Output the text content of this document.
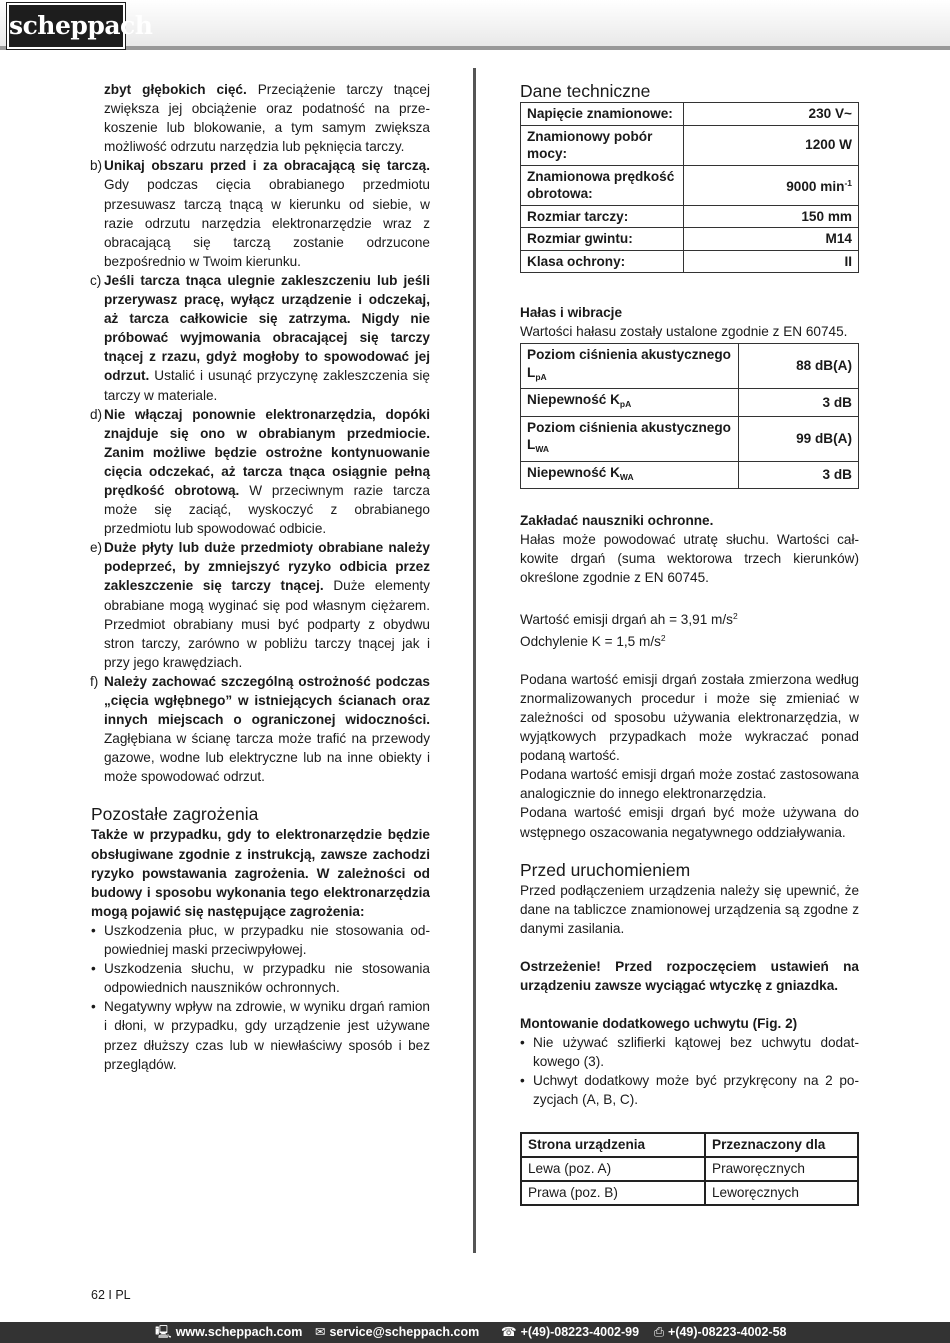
scheppach

zbyt głębokich cięć. Przeciążenie tarczy tnącej zwiększa jej obciążenie oraz podatność na przekoszenie lub blokowanie, a tym samym zwiększa możliwość odrzutu narzędzia lub pęknięcia tarczy.

b) Unikaj obszaru przed i za obracającą się tarczą. Gdy podczas cięcia obrabianego przedmiotu przesuwasz tarczą tnącą w kierunku od siebie, w razie odrzutu narzędzia elektronarzędzie wraz z obracającą się tarczą zostanie odrzucone bezpośrednio w Twoim kierunku.
c) Jeśli tarcza tnąca ulegnie zakleszczeniu lub jeśli przerywasz pracę, wyłącz urządzenie i odczekaj, aż tarcza całkowicie się zatrzyma. Nigdy nie próbować wyjmowania obracającej się tarczy tnącej z rzazu, gdyż mogłoby to spowodować jej odrzut. Ustalić i usunąć przyczynę zakleszczenia się tarczy w materiale.
d) Nie włączaj ponownie elektronarzędzia, dopóki znajduje się ono w obrabianym przedmiocie. Zanim możliwe będzie ostrożne kontynuowanie cięcia odczekać, aż tarcza tnąca osiągnie pełną prędkość obrotową. W przeciwnym razie tarcza może się zaciąć, wyskoczyć z obrabianego przedmiotu lub spowodować odbicie.
e) Duże płyty lub duże przedmioty obrabiane należy podeprzeć, by zmniejszyć ryzyko odbicia przez zakleszczenie się tarczy tnącej. Duże elementy obrabiane mogą wyginać się pod własnym ciężarem. Przedmiot obrabiany musi być podparty z obydwu stron tarczy, zarówno w pobliżu tarczy tnącej jak i przy jego krawędziach.
f) Należy zachować szczególną ostrożność podczas „cięcia wgłębnego” w istniejących ścianach oraz innych miejscach o ograniczonej widoczności. Zagłębiana w ścianę tarcza może trafić na przewody gazowe, wodne lub elektryczne lub na inne obiekty i może spowodować odrzut.
Pozostałe zagrożenia

Także w przypadku, gdy to elektronarzędzie będzie obsługiwane zgodnie z instrukcją, zawsze zachodzi ryzyko powstawania zagrożenia. W zależności od budowy i sposobu wykonania tego elektronarzędzia mogą pojawić się następujące zagrożenia:

• Uszkodzenia płuc, w przypadku nie stosowania odpowiedniej maski przeciwpyłowej.
• Uszkodzenia słuchu, w przypadku nie stosowania odpowiednich nauszników ochronnych.
• Negatywny wpływ na zdrowie, w wyniku drgań ramion i dłoni, w przypadku, gdy urządzenie jest używane przez dłuższy czas lub w niewłaściwy sposób i bez przeglądów.
Dane techniczne
Napięcie znamionowe:	230 V~
Znamionowy pobór mocy:	1200 W
Znamionowa prędkość obrotowa:	9000 $\min^{-1}$
Rozmiar tarczy:	150 mm
Rozmiar gwintu:	M14
Klasa ochrony:	II

Hałas i wibracje

Wartości hałasu zostały ustalone zgodnie z EN 60745.

Poziom ciśnienia akustycznego $L_{pA}$	88 dB(A)
Niepewność $K_{pA}$	3 dB
Poziom ciśnienia akustycznego $L_{WA}$	99 dB(A)
Niepewność $K_{WA}$	3 dB

Zakładać nauszniki ochronne.

Hałas może powodować utratę słuchu. Wartości całkowite drgań (suma wektorowa trzech kierunków) określone zgodnie z EN 60745.

Wartość emisji drgań ah = 3,91 $m/s^2$

Odchylenie K = 1,5 $m/s^2$

Podana wartość emisji drgań została zmierzona według znormalizowanych procedur i może się zmieniać w zależności od sposobu używania elektronarzędzia, w wyjątkowych przypadkach może wykraczać ponad podaną wartość.

Podana wartość emisji drgań może zostać zastosowana analogicznie do innego elektronarzędzia.

Podana wartość emisji drgań być może używana do wstępnego oszacowania negatywnego oddziaływania.

Przed uruchomieniem

Przed podłączeniem urządzenia należy się upewnić, że dane na tabliczce znamionowej urządzenia są zgodne z danymi zasilania.

Ostrzeżenie! Przed rozpoczęciem ustawień na urządzeniu zawsze wyciągać wtyczkę z gniazdka.

Montowanie dodatkowego uchwytu (Fig. 2)

• Nie używać szlifierki kątowej bez uchwytu dodatkowego (3).
• Uchwyt dodatkowy może być przykręcony na 2 pozycjach (A, B, C).
Strona urządzenia	Przeznaczony dla
Lewa (poz. A)	Praworęcznych
Prawa (poz. B)	Leworęcznych
62 I PL
🖳 www.scheppach.com ✉ service@scheppach.com ☎ +(49)-08223-4002-99 ⎙ +(49)-08223-4002-58
